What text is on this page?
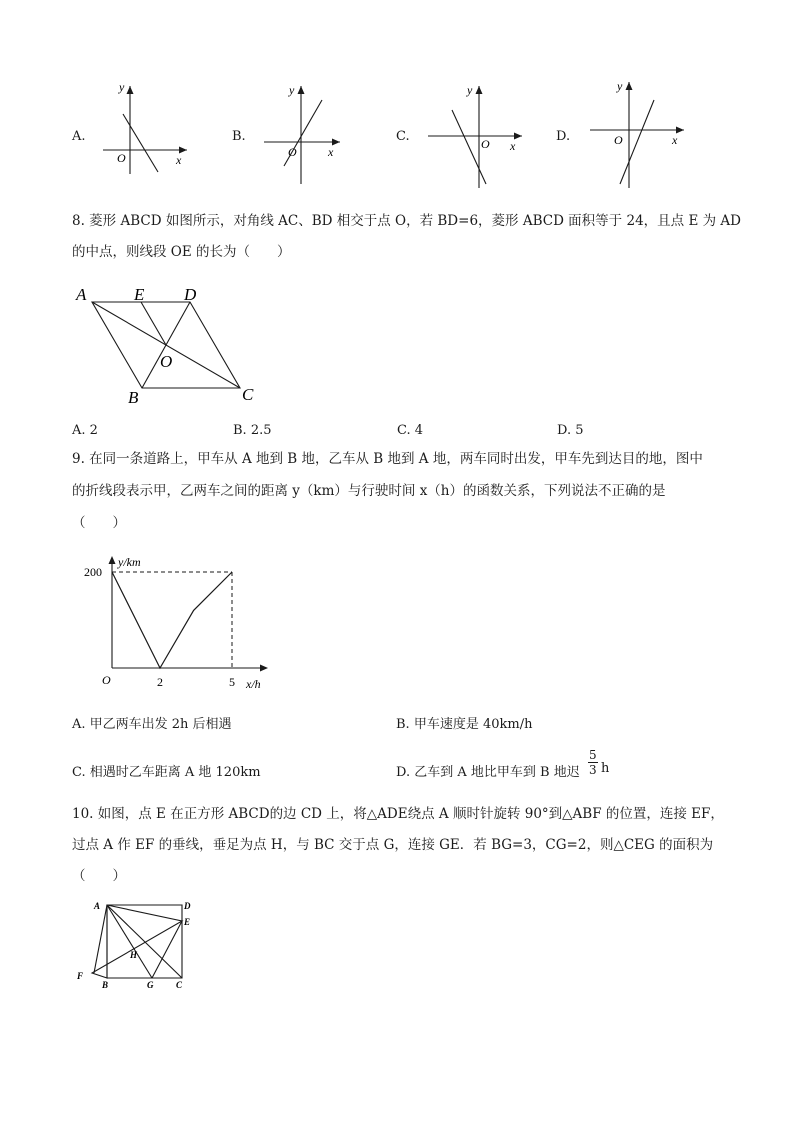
A.
y
O	x
B.
y
O	x
C.
y
O x
D.
y
O	x
8. 菱形 ABCD 如图所示，对角线 AC、BD 相交于点 O，若 BD=6，菱形 ABCD 面积等于 24，且点 E 为 AD
的中点，则线段 OE 的长为（　　）
A	E D
O
B	C
A. 2	B. 2.5	C. 4	D. 5
9. 在同一条道路上，甲车从 A 地到 B 地，乙车从 B 地到 A 地，两车同时出发，甲车先到达目的地，图中
的折线段表示甲，乙两车之间的距离 y（km）与行驶时间 x（h）的函数关系，下列说法不正确的是
（　　）
y/km
x/h
O	2	5
200
A. 甲乙两车出发 2h 后相遇	B. 甲车速度是 40km/h
C. 相遇时乙车距离 A 地 120km	D. 乙车到 A 地比甲车到 B 地迟 $\frac{5}{3}$ h
10. 如图，点 E 在正方形 ABCD的边 CD 上，将△ADE绕点 A 顺时针旋转 90°到△ABF 的位置，连接 EF，
过点 A 作 EF 的垂线，垂足为点 H，与 BC 交于点 G，连接 GE．若 BG=3，CG=2，则△CEG 的面积为
（　　）
A	D
E
H
F
B	G	C
